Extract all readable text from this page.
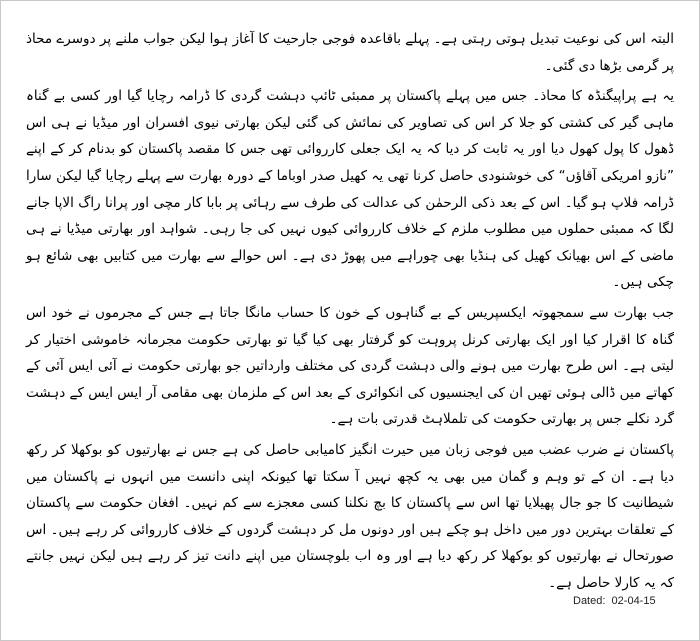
البتہ اس کی نوعیت تبدیل ہوتی رہتی ہے۔ پہلے باقاعدہ فوجی جارحیت کا آغاز ہوا لیکن جواب ملنے پر دوسرے محاذ پر گرمی بڑھا دی گئی۔

یہ ہے پراپیگنڈہ کا محاذ۔ جس میں پہلے پاکستان پر ممبئی ٹائپ دہشت گردی کا ڈرامہ رچایا گیا اور کسی بے گناہ ماہی گیر کی کشتی کو جلا کر اس کی تصاویر کی نمائش کی گئی لیکن بھارتی نیوی افسران اور میڈیا نے ہی اس ڈھول کا پول کھول دیا اور یہ ثابت کر دیا کہ یہ ایک جعلی کارروائی تھی جس کا مقصد پاکستان کو بدنام کر کے اپنے ”نازو امریکی آقاؤں“ کی خوشنودی حاصل کرنا تھی یہ کھیل صدر اوباما کے دورہ بھارت سے پہلے رچایا گیا لیکن سارا ڈرامہ فلاپ ہو گیا۔ اس کے بعد ذکی الرحمٰن کی عدالت کی طرف سے رہائی پر بابا کار مچی اور پرانا راگ الاپا جانے لگا کہ ممبئی حملوں میں مطلوب ملزم کے خلاف کارروائی کیوں نہیں کی جا رہی۔ شواہد اور بھارتی میڈیا نے ہی ماضی کے اس بھیانک کھیل کی ہنڈیا بھی چوراہے میں پھوڑ دی ہے۔ اس حوالے سے بھارت میں کتابیں بھی شائع ہو چکی ہیں۔

جب بھارت سے سمجھوتہ ایکسپریس کے بے گناہوں کے خون کا حساب مانگا جاتا ہے جس کے مجرموں نے خود اس گناہ کا اقرار کیا اور ایک بھارتی کرنل پروہت کو گرفتار بھی کیا گیا تو بھارتی حکومت مجرمانہ خاموشی اختیار کر لیتی ہے۔ اس طرح بھارت میں ہونے والی دہشت گردی کی مختلف وارداتیں جو بھارتی حکومت نے آئی ایس آئی کے کھاتے میں ڈالی ہوئی تھیں ان کی ایجنسیوں کی انکوائری کے بعد اس کے ملزمان بھی مقامی آر ایس ایس کے دہشت گرد نکلے جس پر بھارتی حکومت کی تلملاہٹ قدرتی بات ہے۔

پاکستان نے ضرب عضب میں فوجی زبان میں حیرت انگیز کامیابی حاصل کی ہے جس نے بھارتیوں کو بوکھلا کر رکھ دیا ہے۔ ان کے تو وہم و گمان میں بھی یہ کچھ نہیں آ سکتا تھا کیونکہ اپنی دانست میں انہوں نے پاکستان میں شیطانیت کا جو جال پھیلایا تھا اس سے پاکستان کا بچ نکلنا کسی معجزے سے کم نہیں۔ افغان حکومت سے پاکستان کے تعلقات بہترین دور میں داخل ہو چکے ہیں اور دونوں مل کر دہشت گردوں کے خلاف کارروائی کر رہے ہیں۔ اس صورتحال نے بھارتیوں کو بوکھلا کر رکھ دیا ہے اور وہ اب بلوچستان میں اپنے دانت تیز کر رہے ہیں لیکن نہیں جانتے کہ یہ کارلا حاصل ہے۔

Dated: 02-04-15
